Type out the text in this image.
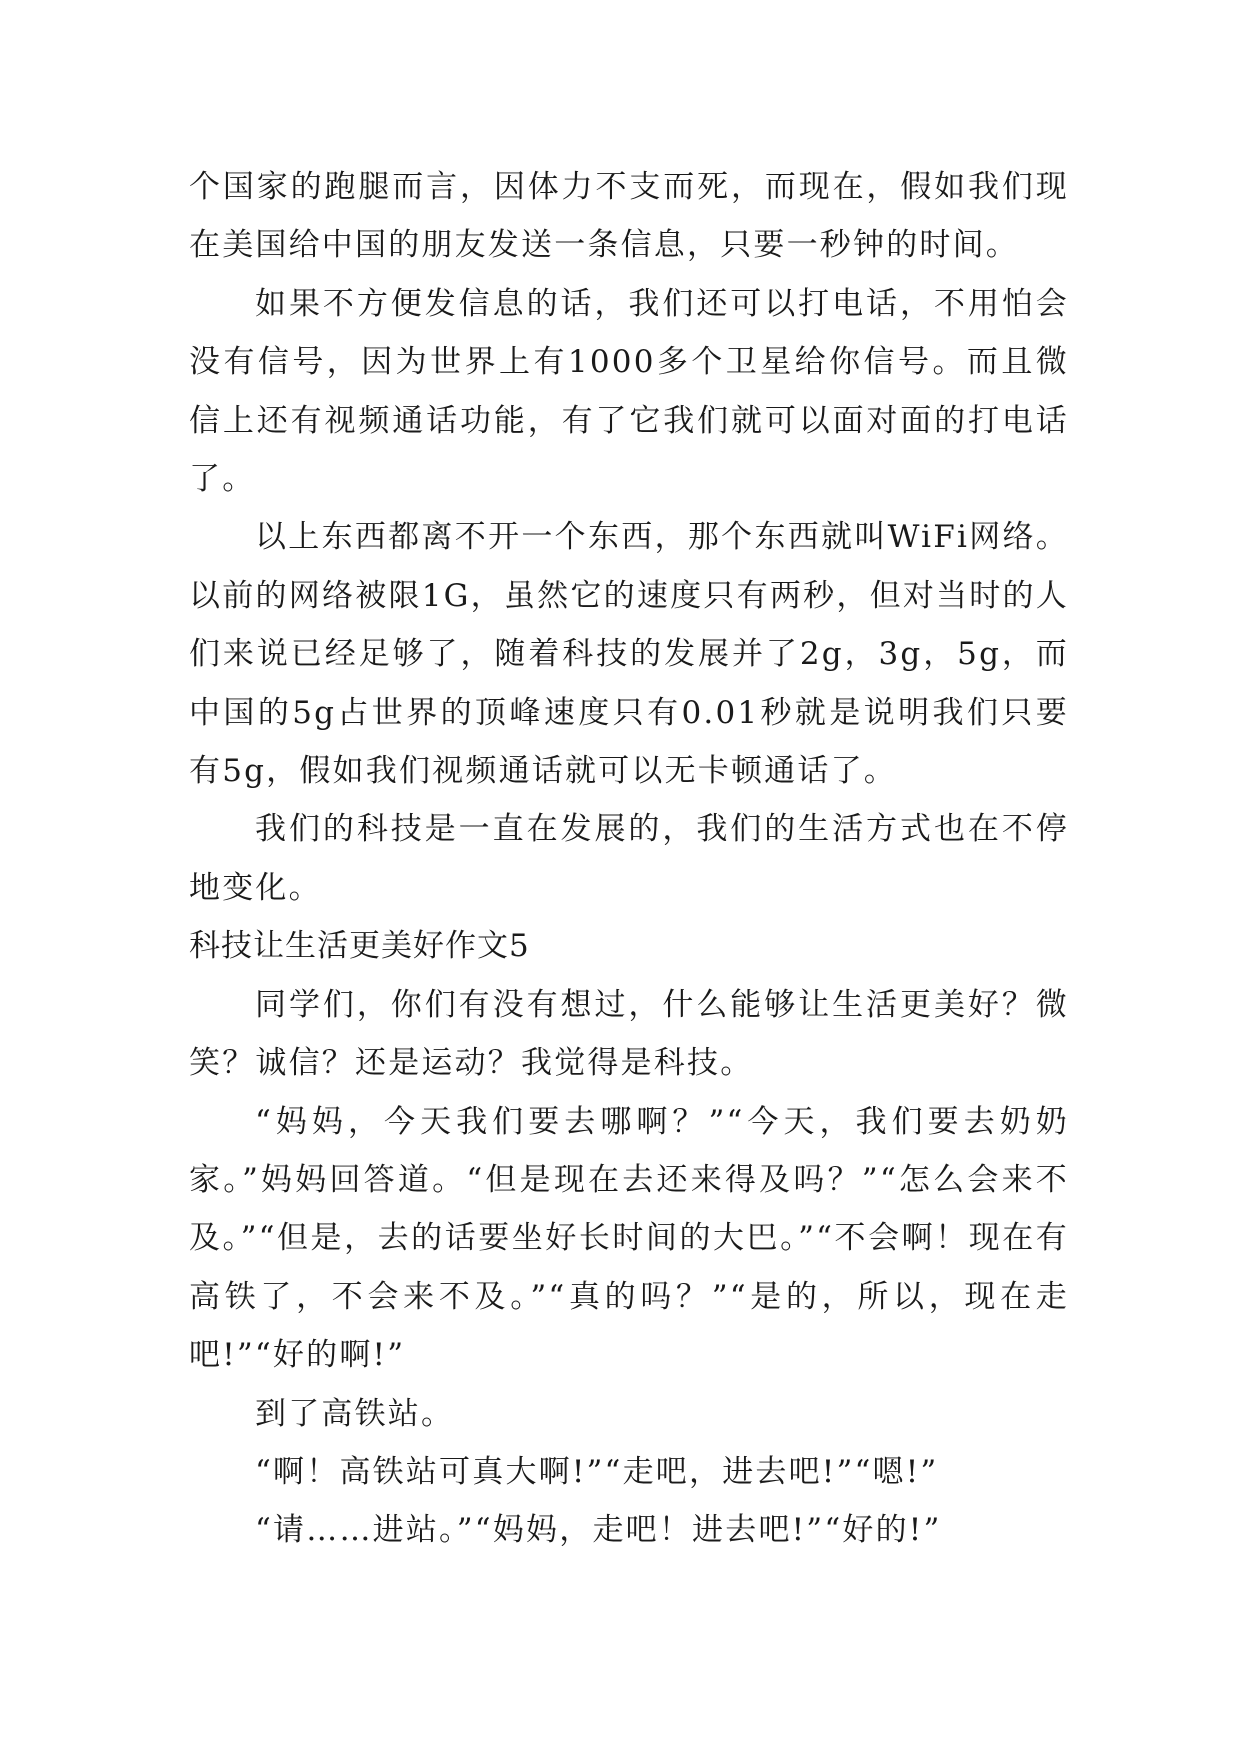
个国家的跑腿而言，因体力不支而死，而现在，假如我们现在美国给中国的朋友发送一条信息，只要一秒钟的时间。

如果不方便发信息的话，我们还可以打电话，不用怕会没有信号，因为世界上有1000多个卫星给你信号。而且微信上还有视频通话功能，有了它我们就可以面对面的打电话了。

以上东西都离不开一个东西，那个东西就叫WiFi网络。以前的网络被限1G，虽然它的速度只有两秒，但对当时的人们来说已经足够了，随着科技的发展并了2g，3g，5g，而中国的5g占世界的顶峰速度只有0.01秒就是说明我们只要有5g，假如我们视频通话就可以无卡顿通话了。

我们的科技是一直在发展的，我们的生活方式也在不停地变化。

科技让生活更美好作文5

同学们，你们有没有想过，什么能够让生活更美好？微笑？诚信？还是运动？我觉得是科技。

“妈妈，今天我们要去哪啊？”“今天，我们要去奶奶家。”妈妈回答道。“但是现在去还来得及吗？”“怎么会来不及。”“但是，去的话要坐好长时间的大巴。”“不会啊！现在有高铁了，不会来不及。”“真的吗？”“是的，所以，现在走吧!”“好的啊!”

到了高铁站。

“啊！高铁站可真大啊!”“走吧，进去吧!”“嗯!”

“请……进站。”“妈妈，走吧！进去吧!”“好的!”
